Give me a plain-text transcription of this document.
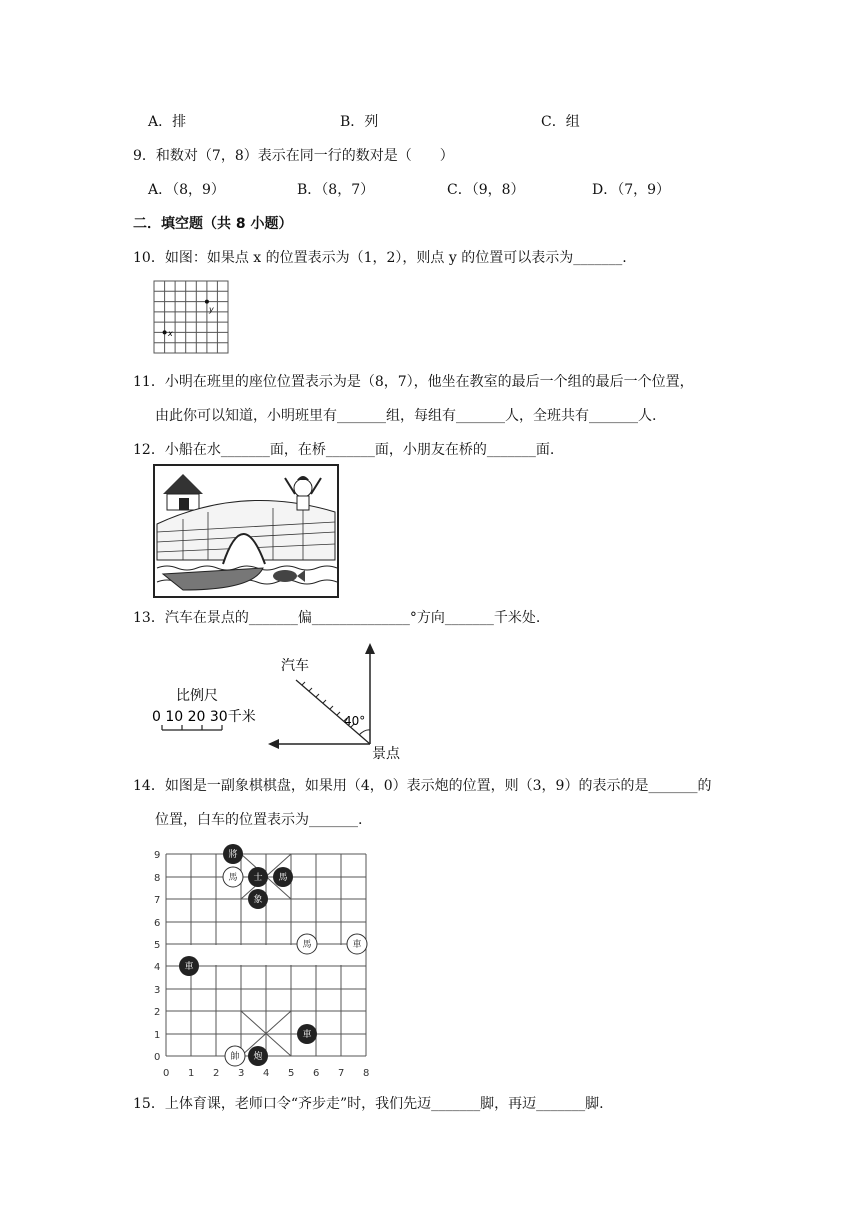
A．排	B．列	C．组
9．和数对（7，8）表示在同一行的数对是（　　）
A．（8，9）	B．（8，7）	C．（9，8）	D．（7，9）
二．填空题（共 8 小题）
10．如图：如果点 x 的位置表示为（1，2），则点 y 的位置可以表示为_______.
x
y
11．小明在班里的座位位置表示为是（8，7），他坐在教室的最后一个组的最后一个位置，
由此你可以知道，小明班里有_______组，每组有_______人，全班共有_______人.
12．小船在水_______面，在桥_______面，小朋友在桥的_______面.
13．汽车在景点的_______偏______________°方向_______千米处.
汽车
40°
景点
比例尺
0 10 20 30千米
14．如图是一副象棋棋盘，如果用（4，0）表示炮的位置，则（3，9）的表示的是_______的
位置，白车的位置表示为_______.
0
1
2
3
4
5
6
7
8
9
0 1 2 3 4 5 6 7 8
將
馬 士 馬
象
馬	車
車
車
帥 炮
15．上体育课，老师口令“齐步走”时，我们先迈_______脚，再迈_______脚.
